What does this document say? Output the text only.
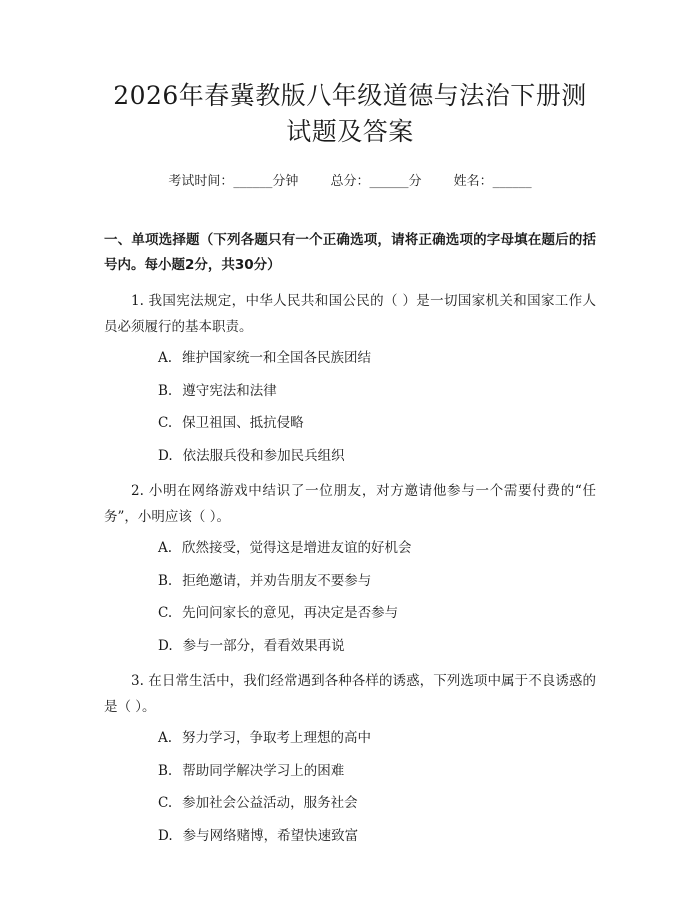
2026年春冀教版八年级道德与法治下册测试题及答案
考试时间：______分钟 总分：______分 姓名：______
一、单项选择题（下列各题只有一个正确选项，请将正确选项的字母填在题后的括号内。每小题2分，共30分）
1. 我国宪法规定，中华人民共和国公民的（ ）是一切国家机关和国家工作人员必须履行的基本职责。
A. 维护国家统一和全国各民族团结
B. 遵守宪法和法律
C. 保卫祖国、抵抗侵略
D. 依法服兵役和参加民兵组织
2. 小明在网络游戏中结识了一位朋友，对方邀请他参与一个需要付费的“任务”，小明应该（ ）。
A. 欣然接受，觉得这是增进友谊的好机会
B. 拒绝邀请，并劝告朋友不要参与
C. 先问问家长的意见，再决定是否参与
D. 参与一部分，看看效果再说
3. 在日常生活中，我们经常遇到各种各样的诱惑，下列选项中属于不良诱惑的是（ ）。
A. 努力学习，争取考上理想的高中
B. 帮助同学解决学习上的困难
C. 参加社会公益活动，服务社会
D. 参与网络赌博，希望快速致富
